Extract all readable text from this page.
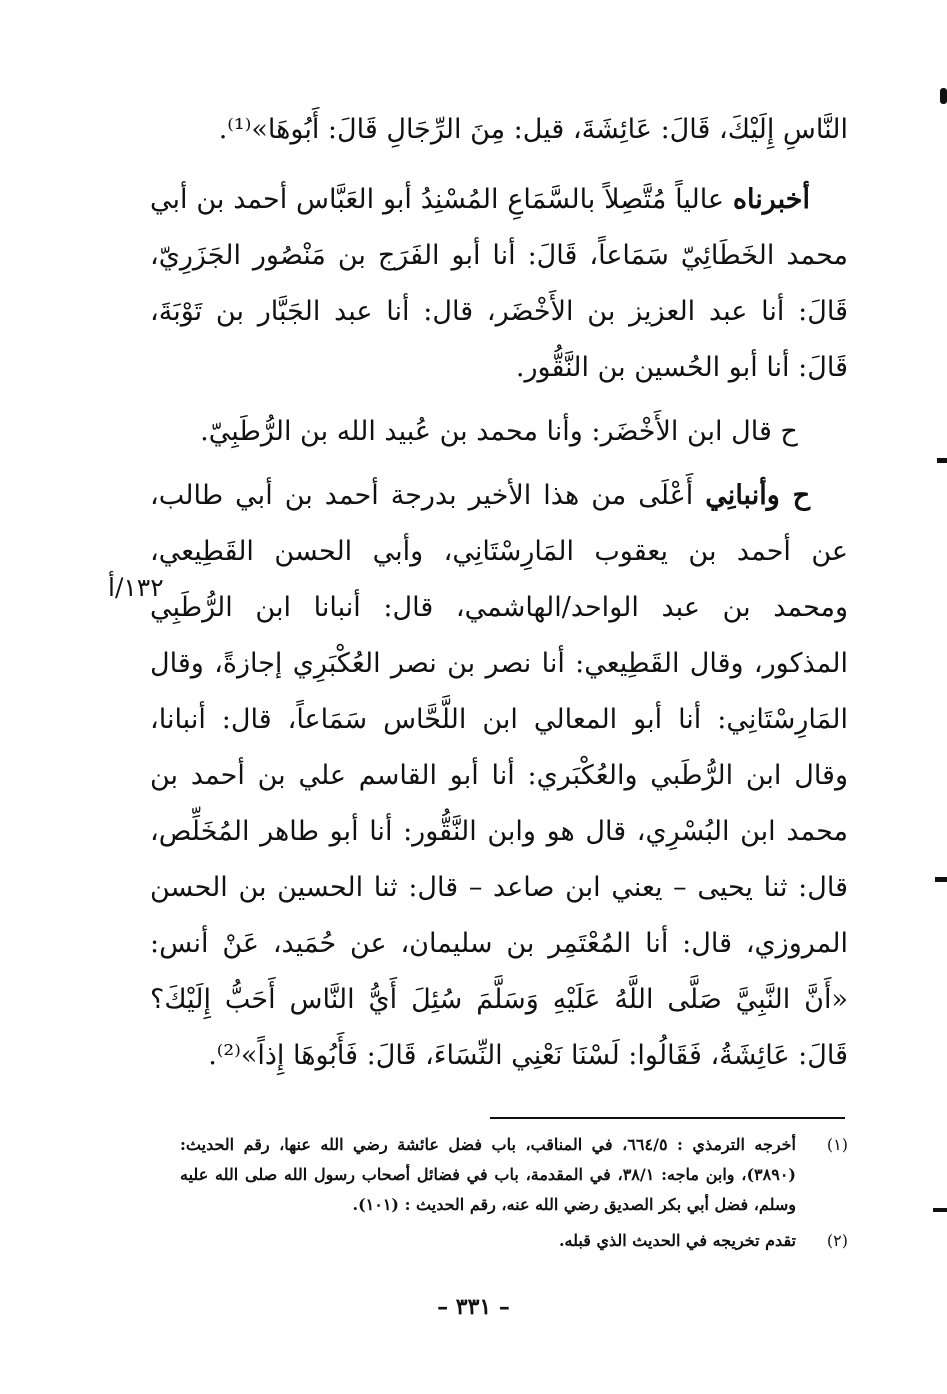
النَّاسِ إِلَيْكَ، قَالَ: عَائِشَةَ، قيل: مِنَ الرِّجَالِ قَالَ: أَبُوهَا»⁽¹⁾.

أخبرناه عالياً مُتَّصِلاً بالسَّمَاعِ المُسْنِدُ أبو العَبَّاس أحمد بن أبي محمد الخَطَائِيّ سَمَاعاً، قَالَ: أنا أبو الفَرَج بن مَنْصُور الجَزَرِيّ، قَالَ: أنا عبد العزيز بن الأَخْضَر، قال: أنا عبد الجَبَّار بن تَوْبَةَ، قَالَ: أنا أبو الحُسين بن النَّقُّور.

ح قال ابن الأَخْضَر: وأنا محمد بن عُبيد الله بن الرُّطَبِيّ.

ح وأنبانِي أَعْلَى من هذا الأخير بدرجة أحمد بن أبي طالب، عن أحمد بن يعقوب المَارِسْتَانِي، وأبي الحسن القَطِيعي، ومحمد بن عبد الواحد/الهاشمي، قال: أنبانا ابن الرُّطَبِي المذكور، وقال القَطِيعي: أنا نصر بن نصر العُكْبَرِي إجازةً، وقال المَارِسْتَانِي: أنا أبو المعالي ابن اللَّحَّاس سَمَاعاً، قال: أنبانا، وقال ابن الرُّطَبي والعُكْبَري: أنا أبو القاسم علي بن أحمد بن محمد ابن البُسْرِي، قال هو وابن النَّقُّور: أنا أبو طاهر المُخَلِّص، قال: ثنا يحيى – يعني ابن صاعد – قال: ثنا الحسين بن الحسن المروزي، قال: أنا المُعْتَمِر بن سليمان، عن حُمَيد، عَنْ أنس: «أَنَّ النَّبِيَّ صَلَّى اللَّهُ عَلَيْهِ وَسَلَّمَ سُئِلَ أَيُّ النَّاس أَحَبُّ إِلَيْكَ؟ قَالَ: عَائِشَةُ، فَقَالُوا: لَسْنَا نَعْنِي النِّسَاءَ، قَالَ: فَأَبُوهَا إِذاً»⁽²⁾.

١٣٢/أ
(١)
أخرجه الترمذي : ٦٦٤/٥، في المناقب، باب فضل عائشة رضي الله عنها، رقم الحديث: (٣٨٩٠)، وابن ماجه: ٣٨/١، في المقدمة، باب في فضائل أصحاب رسول الله صلى الله عليه وسلم، فضل أبي بكر الصديق رضي الله عنه، رقم الحديث : (١٠١).
(٢)
تقدم تخريجه في الحديث الذي قبله.
– ٣٣١ –
